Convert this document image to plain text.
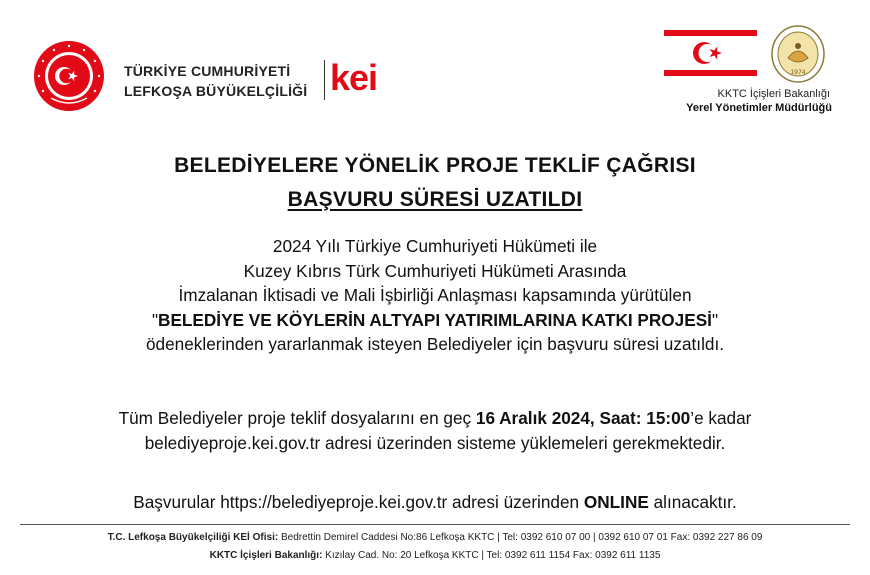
TÜRKİYE CUMHURİYETİ
LEFKOŞA BÜYÜKELÇİLİĞİ kei	1974
KKTC İçişleri Bakanlığı
Yerel Yönetimler Müdürlüğü
BELEDİYELERE YÖNELİK PROJE TEKLİF ÇAĞRISI
BAŞVURU SÜRESİ UZATILDI

2024 Yılı Türkiye Cumhuriyeti Hükümeti ile

Kuzey Kıbrıs Türk Cumhuriyeti Hükümeti Arasında

İmzalanan İktisadi ve Mali İşbirliği Anlaşması kapsamında yürütülen

"BELEDİYE VE KÖYLERİN ALTYAPI YATIRIMLARINA KATKI PROJESİ"

ödeneklerinden yararlanmak isteyen Belediyeler için başvuru süresi uzatıldı.

Tüm Belediyeler proje teklif dosyalarını en geç 16 Aralık 2024, Saat: 15:00’e kadar

belediyeproje.kei.gov.tr adresi üzerinden sisteme yüklemeleri gerekmektedir.

Başvurular https://belediyeproje.kei.gov.tr adresi üzerinden ONLINE alınacaktır.

T.C. Lefkoşa Büyükelçiliği KEİ Ofisi: Bedrettin Demirel Caddesi No:86 Lefkoşa KKTC | Tel: 0392 610 07 00 | 0392 610 07 01 Fax: 0392 227 86 09

KKTC İçişleri Bakanlığı: Kızılay Cad. No: 20 Lefkoşa KKTC | Tel: 0392 611 1154 Fax: 0392 611 1135
